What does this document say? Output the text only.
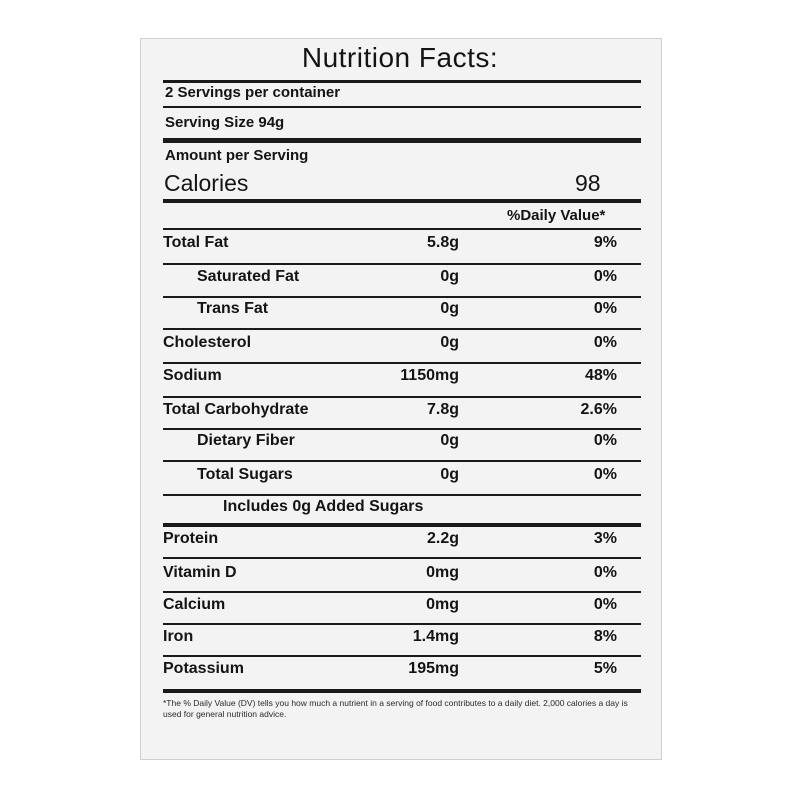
Nutrition Facts:
2 Servings per container
Serving Size 94g
Amount per Serving
Calories	98
%Daily Value*
Total Fat	5.8g	9%
Saturated Fat	0g	0%
Trans Fat	0g	0%
Cholesterol	0g	0%
Sodium	1150mg	48%
Total Carbohydrate	7.8g	2.6%
Dietary Fiber	0g	0%
Total Sugars	0g	0%
Includes 0g Added Sugars
Protein	2.2g	3%
Vitamin D	0mg	0%
Calcium	0mg	0%
Iron	1.4mg	8%
Potassium	195mg	5%
*The % Daily Value (DV) tells you how much a nutrient in a serving of food contributes to a daily diet. 2,000 calories a day is used for general nutrition advice.
